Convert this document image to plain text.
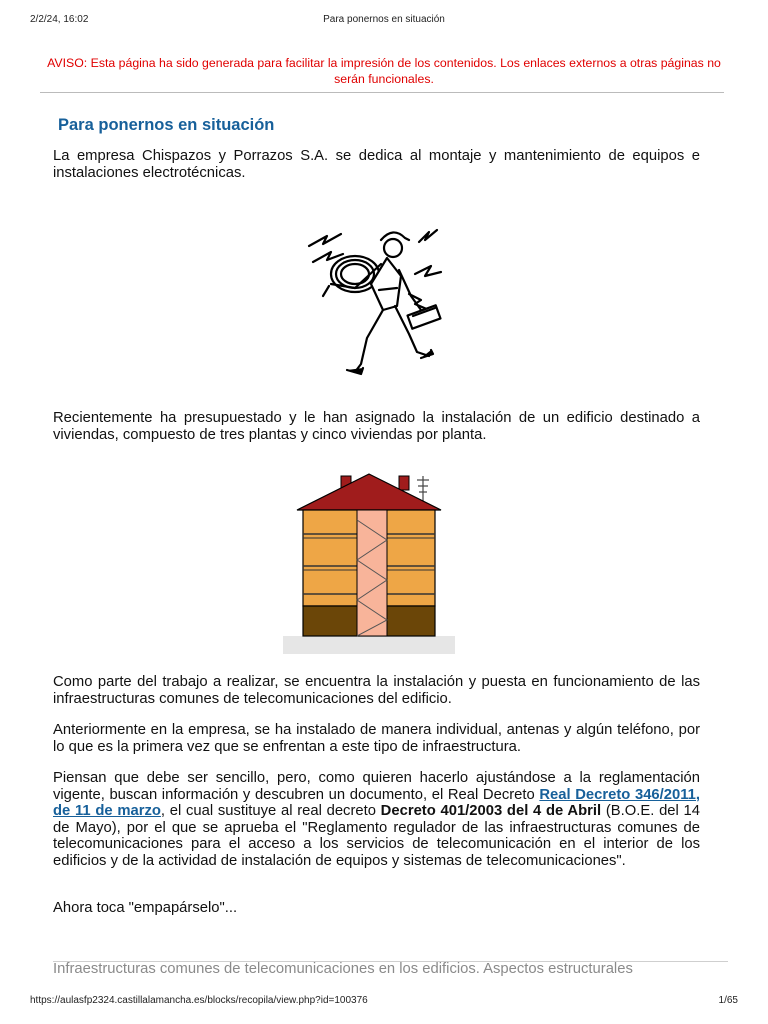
2/2/24, 16:02	Para ponernos en situación
AVISO: Esta página ha sido generada para facilitar la impresión de los contenidos. Los enlaces externos a otras páginas no serán funcionales.
Para ponernos en situación

La empresa Chispazos y Porrazos S.A. se dedica al montaje y mantenimiento de equipos e instalaciones electrotécnicas.

Recientemente ha presupuestado y le han asignado la instalación de un edificio destinado a viviendas, compuesto de tres plantas y cinco viviendas por planta.

Como parte del trabajo a realizar, se encuentra la instalación y puesta en funcionamiento de las infraestructuras comunes de telecomunicaciones del edificio.

Anteriormente en la empresa, se ha instalado de manera individual, antenas y algún teléfono, por lo que es la primera vez que se enfrentan a este tipo de infraestructura.

Piensan que debe ser sencillo, pero, como quieren hacerlo ajustándose a la reglamentación vigente, buscan información y descubren un documento, el Real Decreto Real Decreto 346/2011, de 11 de marzo, el cual sustituye al real decreto Decreto 401/2003 del 4 de Abril (B.O.E. del 14 de Mayo), por el que se aprueba el "Reglamento regulador de las infraestructuras comunes de telecomunicaciones para el acceso a los servicios de telecomunicación en el interior de los edificios y de la actividad de instalación de equipos y sistemas de telecomunicaciones".

Ahora toca "empapárselo"...

Infraestructuras comunes de telecomunicaciones en los edificios. Aspectos estructurales
https://aulasfp2324.castillalamancha.es/blocks/recopila/view.php?id=100376	1/65
